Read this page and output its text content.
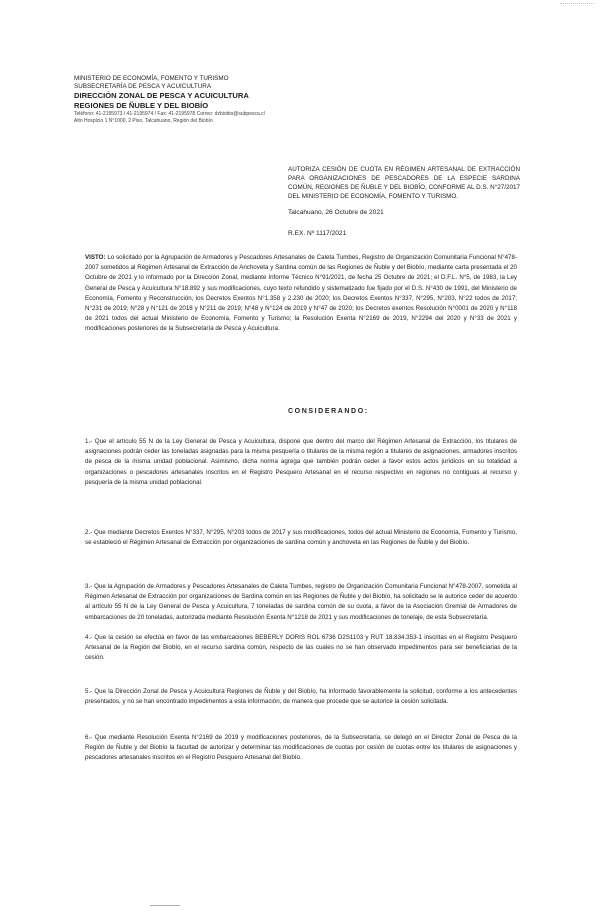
MINISTERIO DE ECONOMÍA, FOMENTO Y TURISMO
SUBSECRETARÍA DE PESCA Y ACUICULTURA
DIRECCIÓN ZONAL DE PESCA Y ACUICULTURA
REGIONES DE ÑUBLE Y DEL BIOBÍO
Teléfono: 41-2195973 / 41-2195974 / Fax: 41-2195978 Correo: dzbiobio@subpesca.cl
Alto Hospicio 1 N°1000, 2 Piso, Talcahuano, Región del Biobío
AUTORIZA CESIÓN DE CUOTA EN RÉGIMEN ARTESANAL DE EXTRACCIÓN PARA ORGANIZACIONES DE PESCADORES DE LA ESPECIE SARDINA COMÚN, REGIONES DE ÑUBLE Y DEL BIOBÍO, CONFORME AL D.S. N°27/2017 DEL MINISTERIO DE ECONOMÍA, FOMENTO Y TURISMO.
Talcahuano, 26 Octubre de 2021
R.EX. Nº 1117/2021
VISTO: Lo solicitado por la Agrupación de Armadores y Pescadores Artesanales de Caleta Tumbes, Registro de Organización Comunitaria Funcional N°478-2007 sometidos al Régimen Artesanal de Extracción de Anchoveta y Sardina común de las Regiones de Ñuble y del Biobío, mediante carta presentada el 20 Octubre de 2021 y lo informado por la Dirección Zonal, mediante Informe Técnico N°91/2021, de fecha 25 Octubre de 2021; el D.F.L. N°5, de 1983, la Ley General de Pesca y Acuicultura N°18.892 y sus modificaciones, cuyo texto refundido y sistematizado fue fijado por el D.S. N°430 de 1991, del Ministerio de Economía, Fomento y Reconstrucción, los Decretos Exentos N°1.358 y 2.230 de 2020; los Decretos Exentos N°337, N°295, N°203, N°22 todos de 2017; N°231 de 2019; N°28 y N°121 de 2018 y N°211 de 2019; N°48 y N°124 de 2019 y N°47 de 2020; los Decretos exentos Resolución N°0001 de 2020 y N°118 de 2021 todos del actual Ministerio de Economía, Fomento y Turismo; la Resolución Exenta N°2169 de 2019, N°2294 del 2020 y N°33 de 2021 y modificaciones posteriores de la Subsecretaría de Pesca y Acuicultura.
CONSIDERANDO:
1.- Que el artículo 55 N de la Ley General de Pesca y Acuicultura, dispone que dentro del marco del Régimen Artesanal de Extracción, los titulares de asignaciones podrán ceder las toneladas asignadas para la misma pesquería o titulares de la misma región a titulares de asignaciones, armadores inscritos de pesca de la misma unidad poblacional. Asimismo, dicha norma agrega que también podrán ceder a favor estos actos jurídicos en su totalidad a organizaciones o pescadores artesanales inscritos en el Registro Pesquero Artesanal en el recurso respectivo en regiones no contiguas al recurso y pesquería de la misma unidad poblacional.
2.- Que mediante Decretos Exentos N°337, N°295, N°203 todos de 2017 y sus modificaciones, todos del actual Ministerio de Economía, Fomento y Turismo, se estableció el Régimen Artesanal de Extracción por organizaciones de sardina común y anchoveta en las Regiones de Ñuble y del Biobío.
3.- Que la Agrupación de Armadores y Pescadores Artesanales de Caleta Tumbes, registro de Organización Comunitaria Funcional N°478-2007, sometida al Régimen Artesanal de Extracción por organizaciones de Sardina común en las Regiones de Ñuble y del Biobío, ha solicitado se le autorice ceder de acuerdo al artículo 55 N de la Ley General de Pesca y Acuicultura, 7 toneladas de sardina común de su cuota, a favor de la Asociación Gremial de Armadores de embarcaciones de 20 toneladas, autorizada mediante Resolución Exenta N°1218 de 2021 y sus modificaciones de tonelaje, de esta Subsecretaría.
4.- Que la cesión se efectúa en favor de las embarcaciones BEBERLY DORIS ROL 6736 D2S1103 y RUT 18.834.353-1 inscritas en el Registro Pesquero Artesanal de la Región del Biobío, en el recurso sardina común, respecto de las cuales no se han observado impedimentos para ser beneficiarias de la cesión.
5.- Que la Dirección Zonal de Pesca y Acuicultura Regiones de Ñuble y del Biobío, ha informado favorablemente la solicitud, conforme a los antecedentes presentados, y no se han encontrado impedimentos a esta información, de manera que procede que se autorice la cesión solicitada.
6.- Que mediante Resolución Exenta N°2169 de 2019 y modificaciones posteriores, de la Subsecretaría, se delegó en el Director Zonal de Pesca de la Región de Ñuble y del Biobío la facultad de autorizar y determinar las modificaciones de cuotas por cesión de cuotas entre los titulares de asignaciones y pescadores artesanales inscritos en el Registro Pesquero Artesanal del Biobío.
